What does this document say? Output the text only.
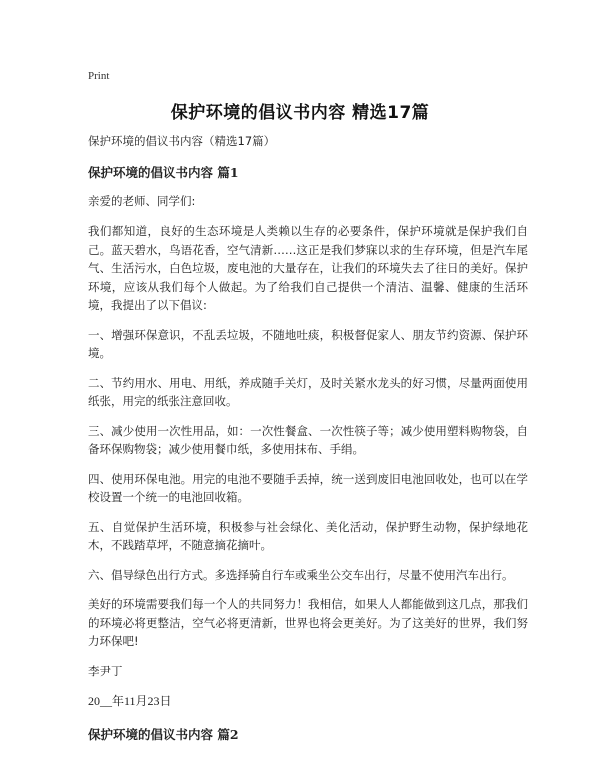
Print
保护环境的倡议书内容 精选17篇

保护环境的倡议书内容（精选17篇）

保护环境的倡议书内容 篇1

亲爱的老师、同学们:

我们都知道，良好的生态环境是人类赖以生存的必要条件，保护环境就是保护我们自己。蓝天碧水，鸟语花香，空气清新……这正是我们梦寐以求的生存环境，但是汽车尾气、生活污水，白色垃圾，废电池的大量存在，让我们的环境失去了往日的美好。保护环境，应该从我们每个人做起。为了给我们自己提供一个清洁、温馨、健康的生活环境，我提出了以下倡议:

一、增强环保意识，不乱丢垃圾，不随地吐痰，积极督促家人、朋友节约资源、保护环境。

二、节约用水、用电、用纸，养成随手关灯，及时关紧水龙头的好习惯，尽量两面使用纸张，用完的纸张注意回收。

三、减少使用一次性用品，如：一次性餐盒、一次性筷子等；减少使用塑料购物袋，自备环保购物袋；减少使用餐巾纸，多使用抹布、手绢。

四、使用环保电池。用完的电池不要随手丢掉，统一送到废旧电池回收处，也可以在学校设置一个统一的电池回收箱。

五、自觉保护生活环境，积极参与社会绿化、美化活动，保护野生动物，保护绿地花木，不践踏草坪，不随意摘花摘叶。

六、倡导绿色出行方式。多选择骑自行车或乘坐公交车出行，尽量不使用汽车出行。

美好的环境需要我们每一个人的共同努力！我相信，如果人人都能做到这几点，那我们的环境必将更整洁，空气必将更清新，世界也将会更美好。为了这美好的世界，我们努力环保吧!

李尹丁

20__年11月23日

保护环境的倡议书内容 篇2
